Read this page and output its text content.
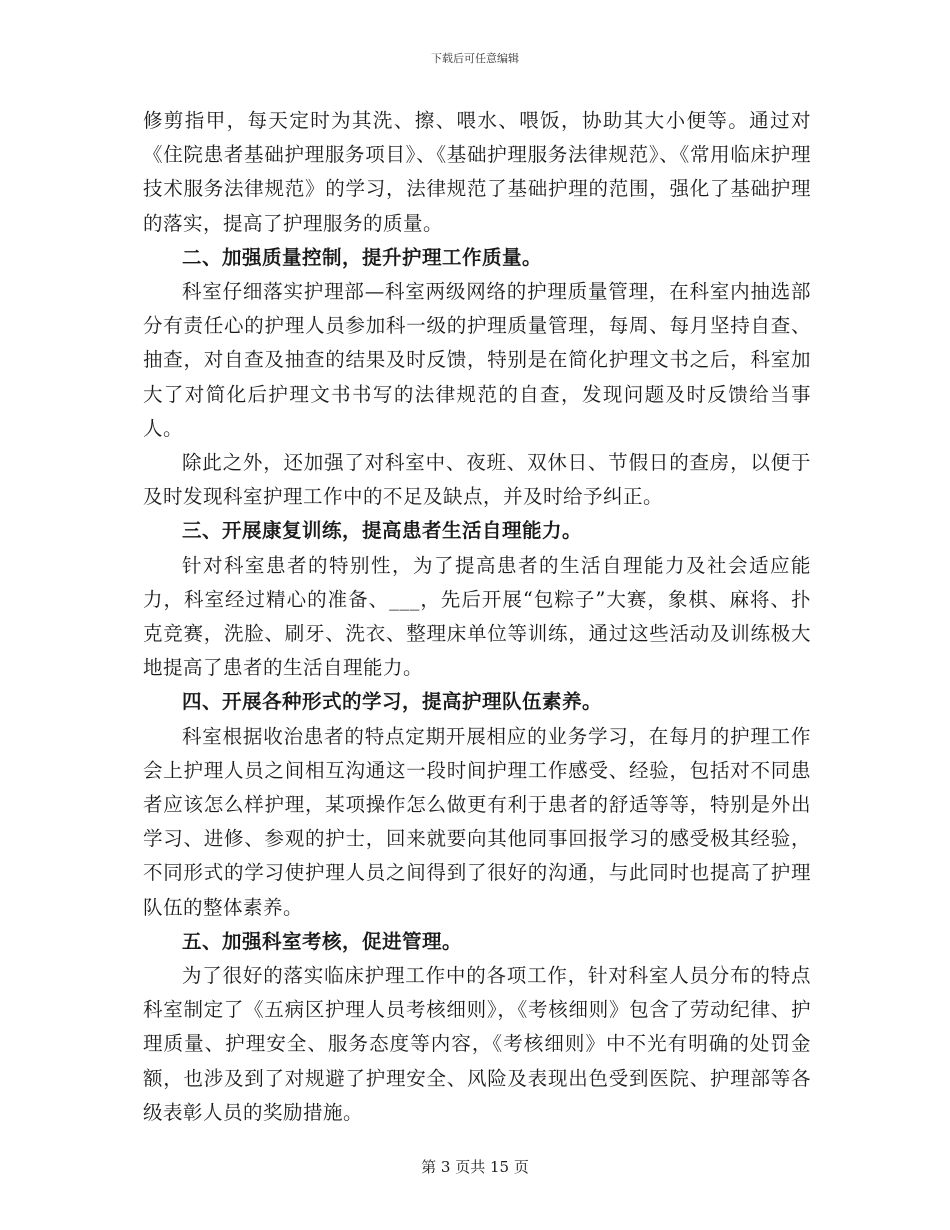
下载后可任意编辑

修剪指甲，每天定时为其洗、擦、喂水、喂饭，协助其大小便等。通过对《住院患者基础护理服务项目》、《基础护理服务法律规范》、《常用临床护理技术服务法律规范》的学习，法律规范了基础护理的范围，强化了基础护理的落实，提高了护理服务的质量。

二、加强质量控制，提升护理工作质量。

科室仔细落实护理部—科室两级网络的护理质量管理，在科室内抽选部分有责任心的护理人员参加科一级的护理质量管理，每周、每月坚持自查、抽查，对自查及抽查的结果及时反馈，特别是在简化护理文书之后，科室加大了对简化后护理文书书写的法律规范的自查，发现问题及时反馈给当事人。

除此之外，还加强了对科室中、夜班、双休日、节假日的查房，以便于及时发现科室护理工作中的不足及缺点，并及时给予纠正。

三、开展康复训练，提高患者生活自理能力。

针对科室患者的特别性，为了提高患者的生活自理能力及社会适应能力，科室经过精心的准备、___，先后开展“包粽子”大赛，象棋、麻将、扑克竞赛，洗脸、刷牙、洗衣、整理床单位等训练，通过这些活动及训练极大地提高了患者的生活自理能力。

四、开展各种形式的学习，提高护理队伍素养。

科室根据收治患者的特点定期开展相应的业务学习，在每月的护理工作会上护理人员之间相互沟通这一段时间护理工作感受、经验，包括对不同患者应该怎么样护理，某项操作怎么做更有利于患者的舒适等等，特别是外出学习、进修、参观的护士，回来就要向其他同事回报学习的感受极其经验，不同形式的学习使护理人员之间得到了很好的沟通，与此同时也提高了护理队伍的整体素养。

五、加强科室考核，促进管理。

为了很好的落实临床护理工作中的各项工作，针对科室人员分布的特点科室制定了《五病区护理人员考核细则》，《考核细则》包含了劳动纪律、护理质量、护理安全、服务态度等内容，《考核细则》中不光有明确的处罚金额，也涉及到了对规避了护理安全、风险及表现出色受到医院、护理部等各级表彰人员的奖励措施。

第 3 页共 15 页
